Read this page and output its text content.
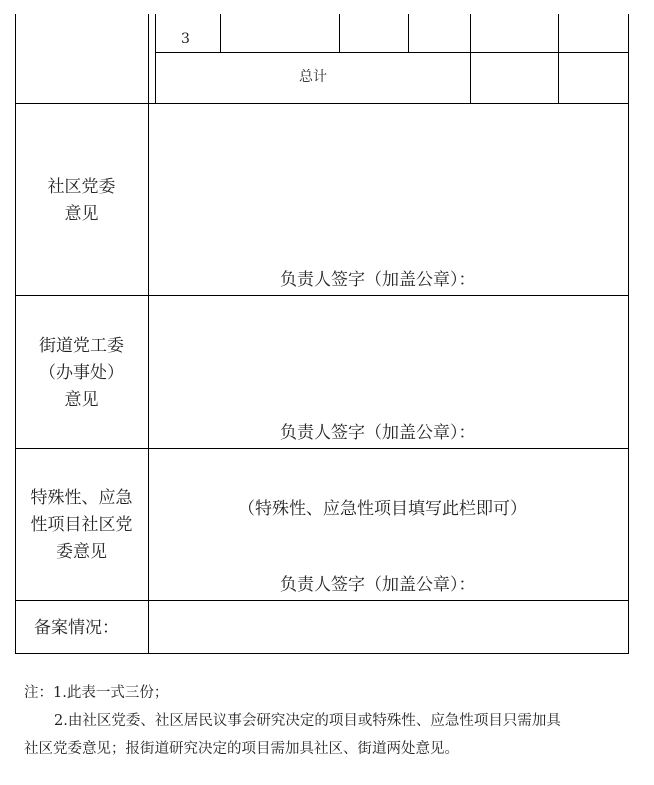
3
总计
社区党委
意见
负责人签字（加盖公章）：
街道党工委
（办事处）
意见
负责人签字（加盖公章）：
特殊性、应急
性项目社区党
委意见
（特殊性、应急性项目填写此栏即可）
负责人签字（加盖公章）：
备案情况：
注：1.此表一式三份；
2.由社区党委、社区居民议事会研究决定的项目或特殊性、应急性项目只需加具
社区党委意见；报街道研究决定的项目需加具社区、街道两处意见。
